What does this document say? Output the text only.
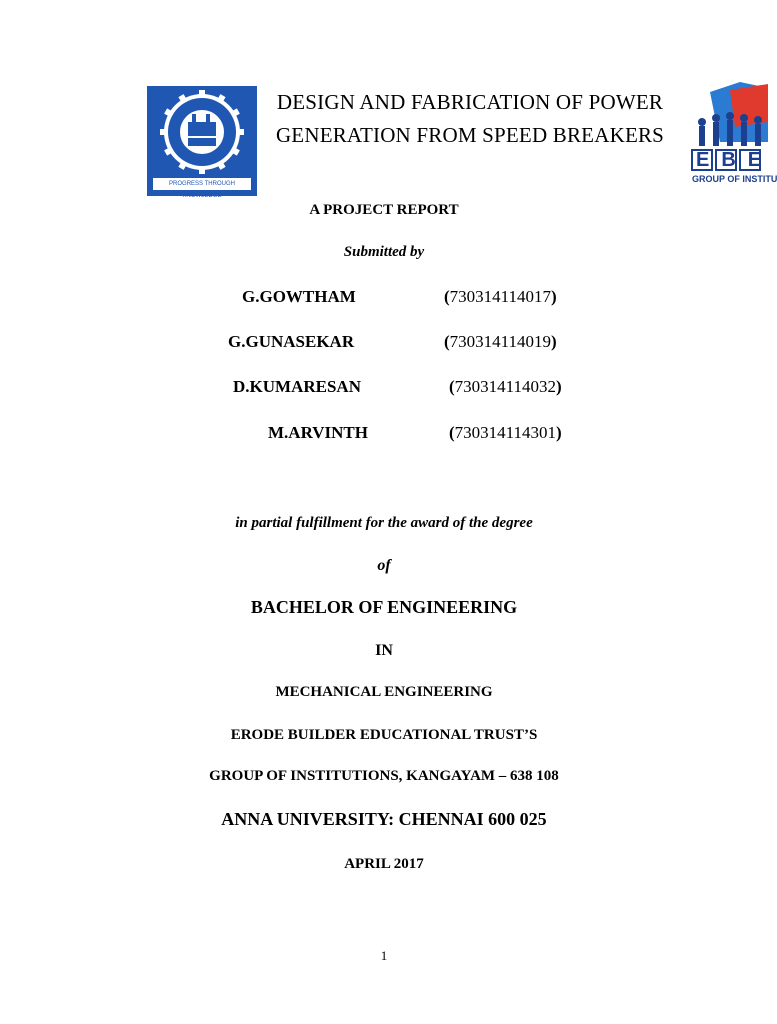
PROGRESS THROUGH KNOWLEDGE
DESIGN AND FABRICATION OF POWER GENERATION FROM SPEED BREAKERS
EBE
GROUP OF INSTITU
A PROJECT REPORT
Submitted by
G.GOWTHAM	(730314114017)
G.GUNASEKAR	(730314114019)
D.KUMARESAN	(730314114032)
M.ARVINTH	(730314114301)
in partial fulfillment for the award of the degree
of
BACHELOR OF ENGINEERING
IN
MECHANICAL ENGINEERING
ERODE BUILDER EDUCATIONAL TRUST’S
GROUP OF INSTITUTIONS, KANGAYAM – 638 108
ANNA UNIVERSITY: CHENNAI 600 025
APRIL 2017
1
